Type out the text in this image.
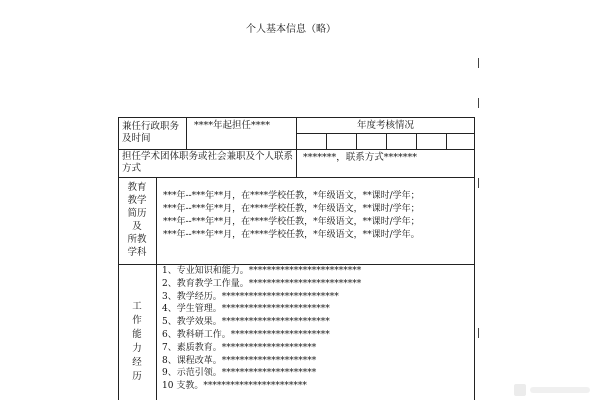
个人基本信息（略）
兼任行政职务
及时间
****年起担任****	年度考核情况
担任学术团体职务或社会兼职及个人联系
方式
*******，联系方式*******
教育
教学
简历
及
所教
学科
***年--***年**月，在****学校任教，*年级语文，**课时/学年；
***年--***年**月，在****学校任教，*年级语文，**课时/学年；
***年--***年**月，在****学校任教，*年级语文，**课时/学年；
***年--***年**月，在****学校任教，*年级语文，**课时/学年。
工
作
能
力
经
历
1、专业知识和能力。*************************
2、教育教学工作量。*************************
3、教学经历。**************************
4、学生管理。************************
5、教学效果。************************
6、教科研工作。**********************
7、素质教育。*********************
8、课程改革。*********************
9、示范引领。*********************
10 支教。***********************
